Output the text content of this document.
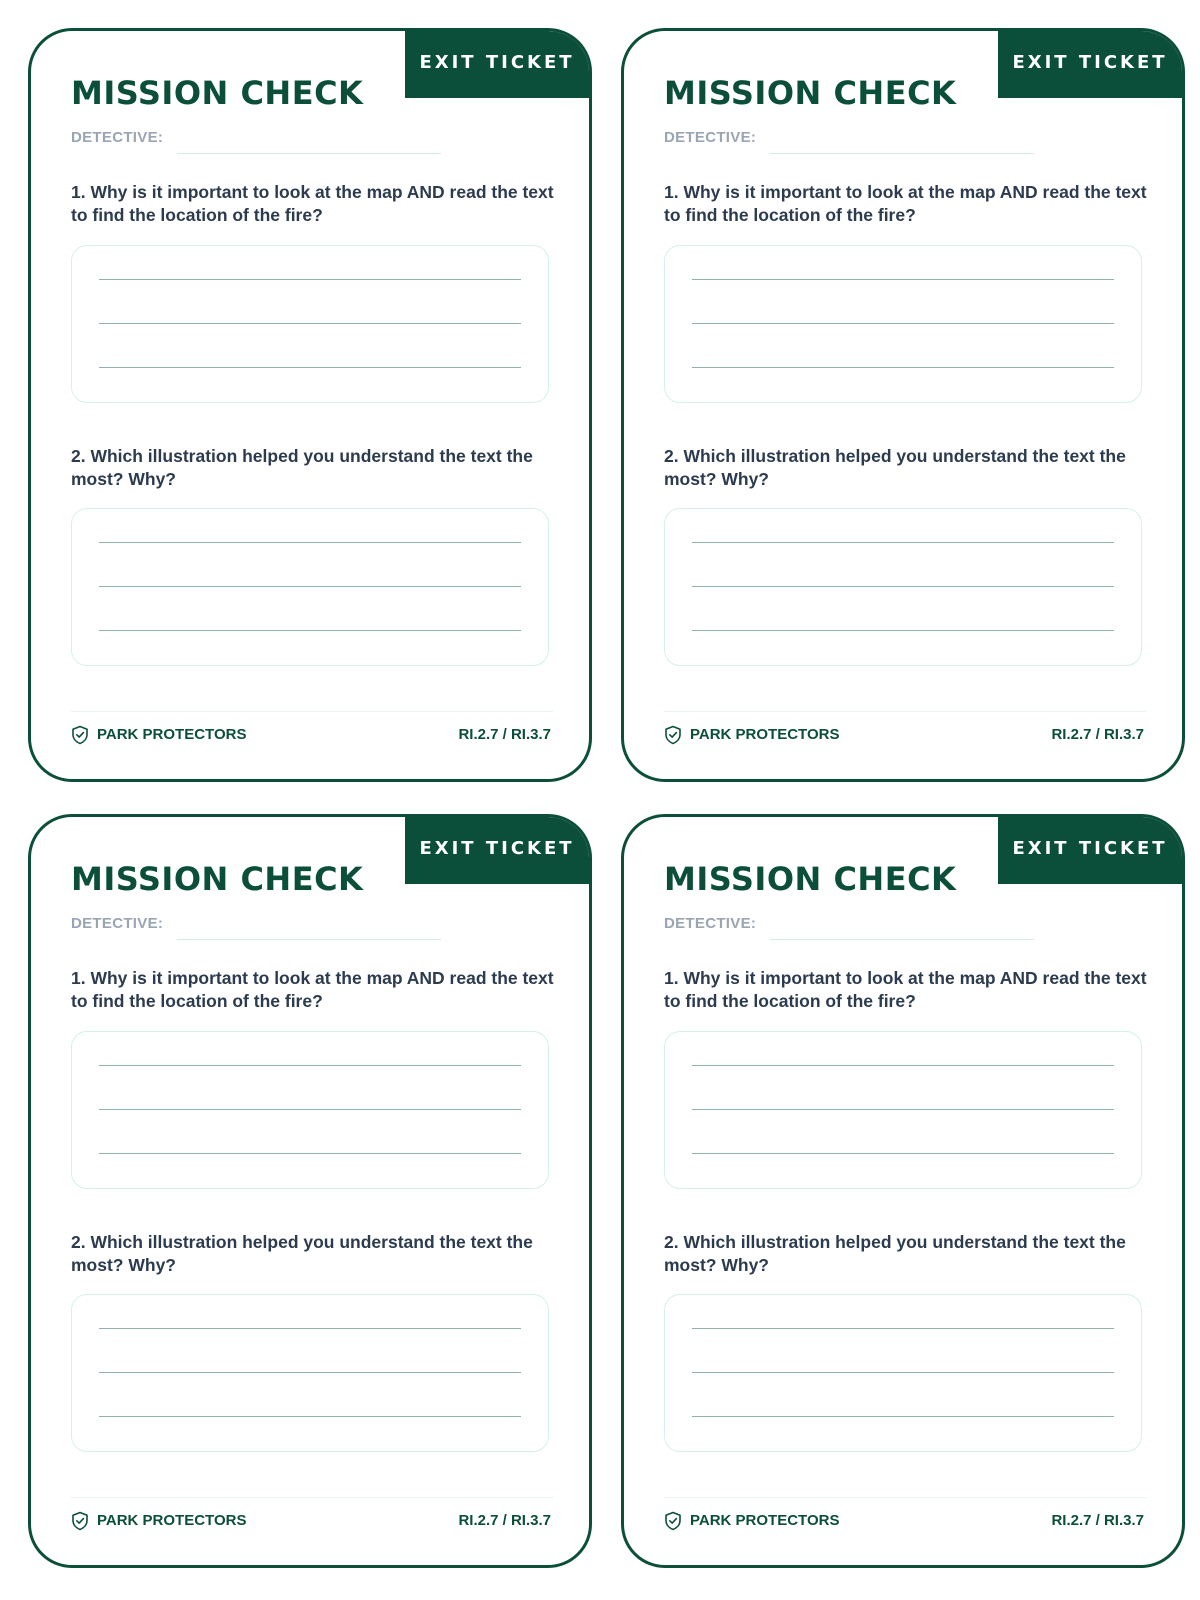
EXIT TICKET
MISSION CHECK
DETECTIVE:
1. Why is it important to look at the map AND read the text to find the location of the fire?
2. Which illustration helped you understand the text the most? Why?
PARK PROTECTORS	RI.2.7 / RI.3.7
EXIT TICKET
MISSION CHECK
DETECTIVE:
1. Why is it important to look at the map AND read the text to find the location of the fire?
2. Which illustration helped you understand the text the most? Why?
PARK PROTECTORS	RI.2.7 / RI.3.7
EXIT TICKET
MISSION CHECK
DETECTIVE:
1. Why is it important to look at the map AND read the text to find the location of the fire?
2. Which illustration helped you understand the text the most? Why?
PARK PROTECTORS	RI.2.7 / RI.3.7
EXIT TICKET
MISSION CHECK
DETECTIVE:
1. Why is it important to look at the map AND read the text to find the location of the fire?
2. Which illustration helped you understand the text the most? Why?
PARK PROTECTORS	RI.2.7 / RI.3.7
